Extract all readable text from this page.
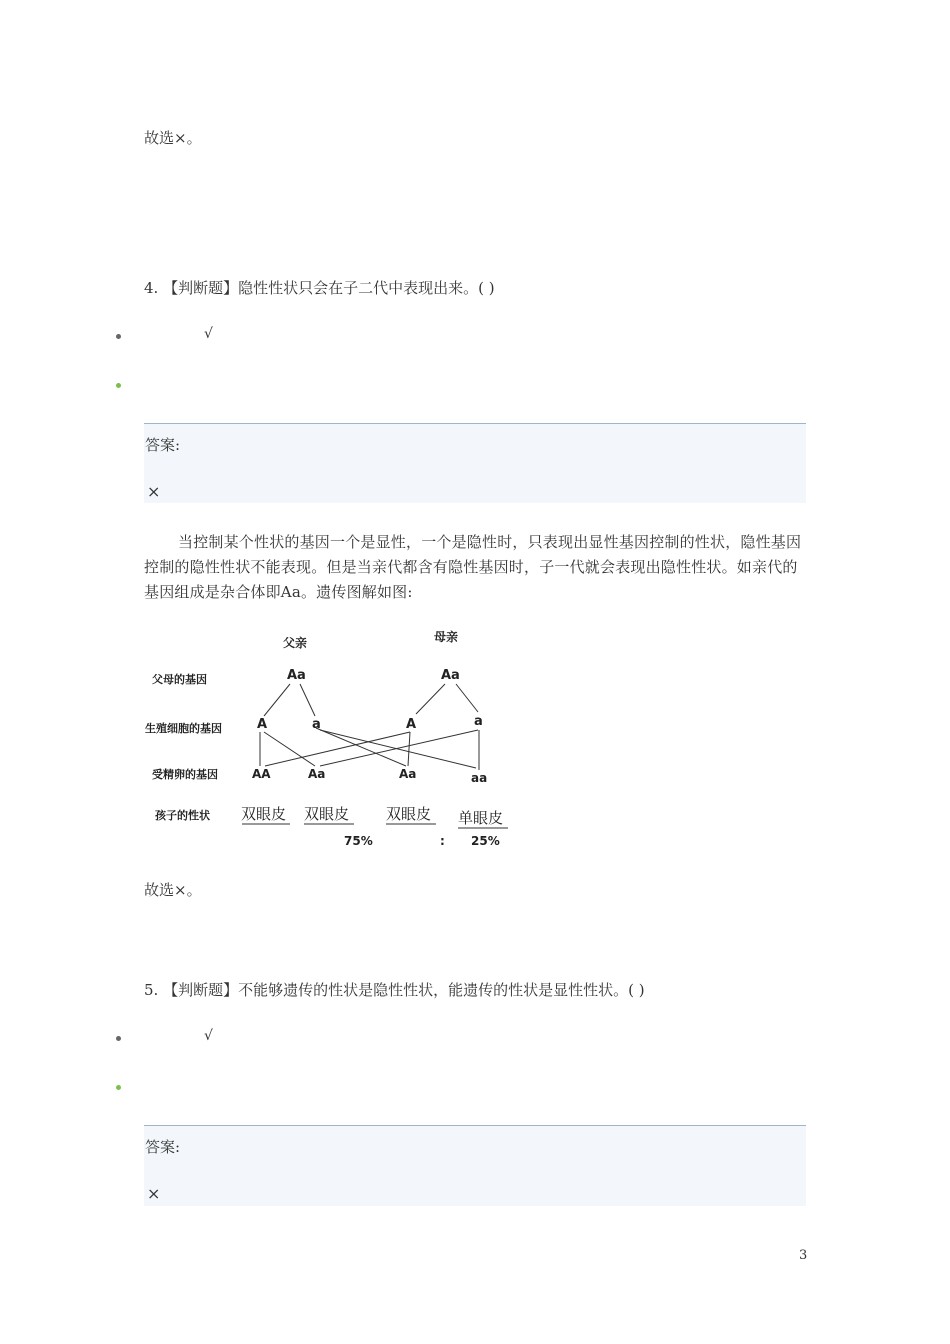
故选×。
4. 【判断题】隐性性状只会在子二代中表现出来。( )
√
答案:
×
当控制某个性状的基因一个是显性，一个是隐性时，只表现出显性基因控制的性状，隐性基因控制的隐性性状不能表现。但是当亲代都含有隐性基因时，子一代就会表现出隐性性状。如亲代的基因组成是杂合体即Aa。遗传图解如图:
父亲	母亲
父母的基因
生殖细胞的基因
受精卵的基因
孩子的性状
Aa	Aa
A	a	A	a
AA	Aa	Aa	aa
双眼皮 双眼皮 双眼皮 单眼皮
75%	: 25%
故选×。
5. 【判断题】不能够遗传的性状是隐性性状，能遗传的性状是显性性状。( )
√
答案:
×
3
